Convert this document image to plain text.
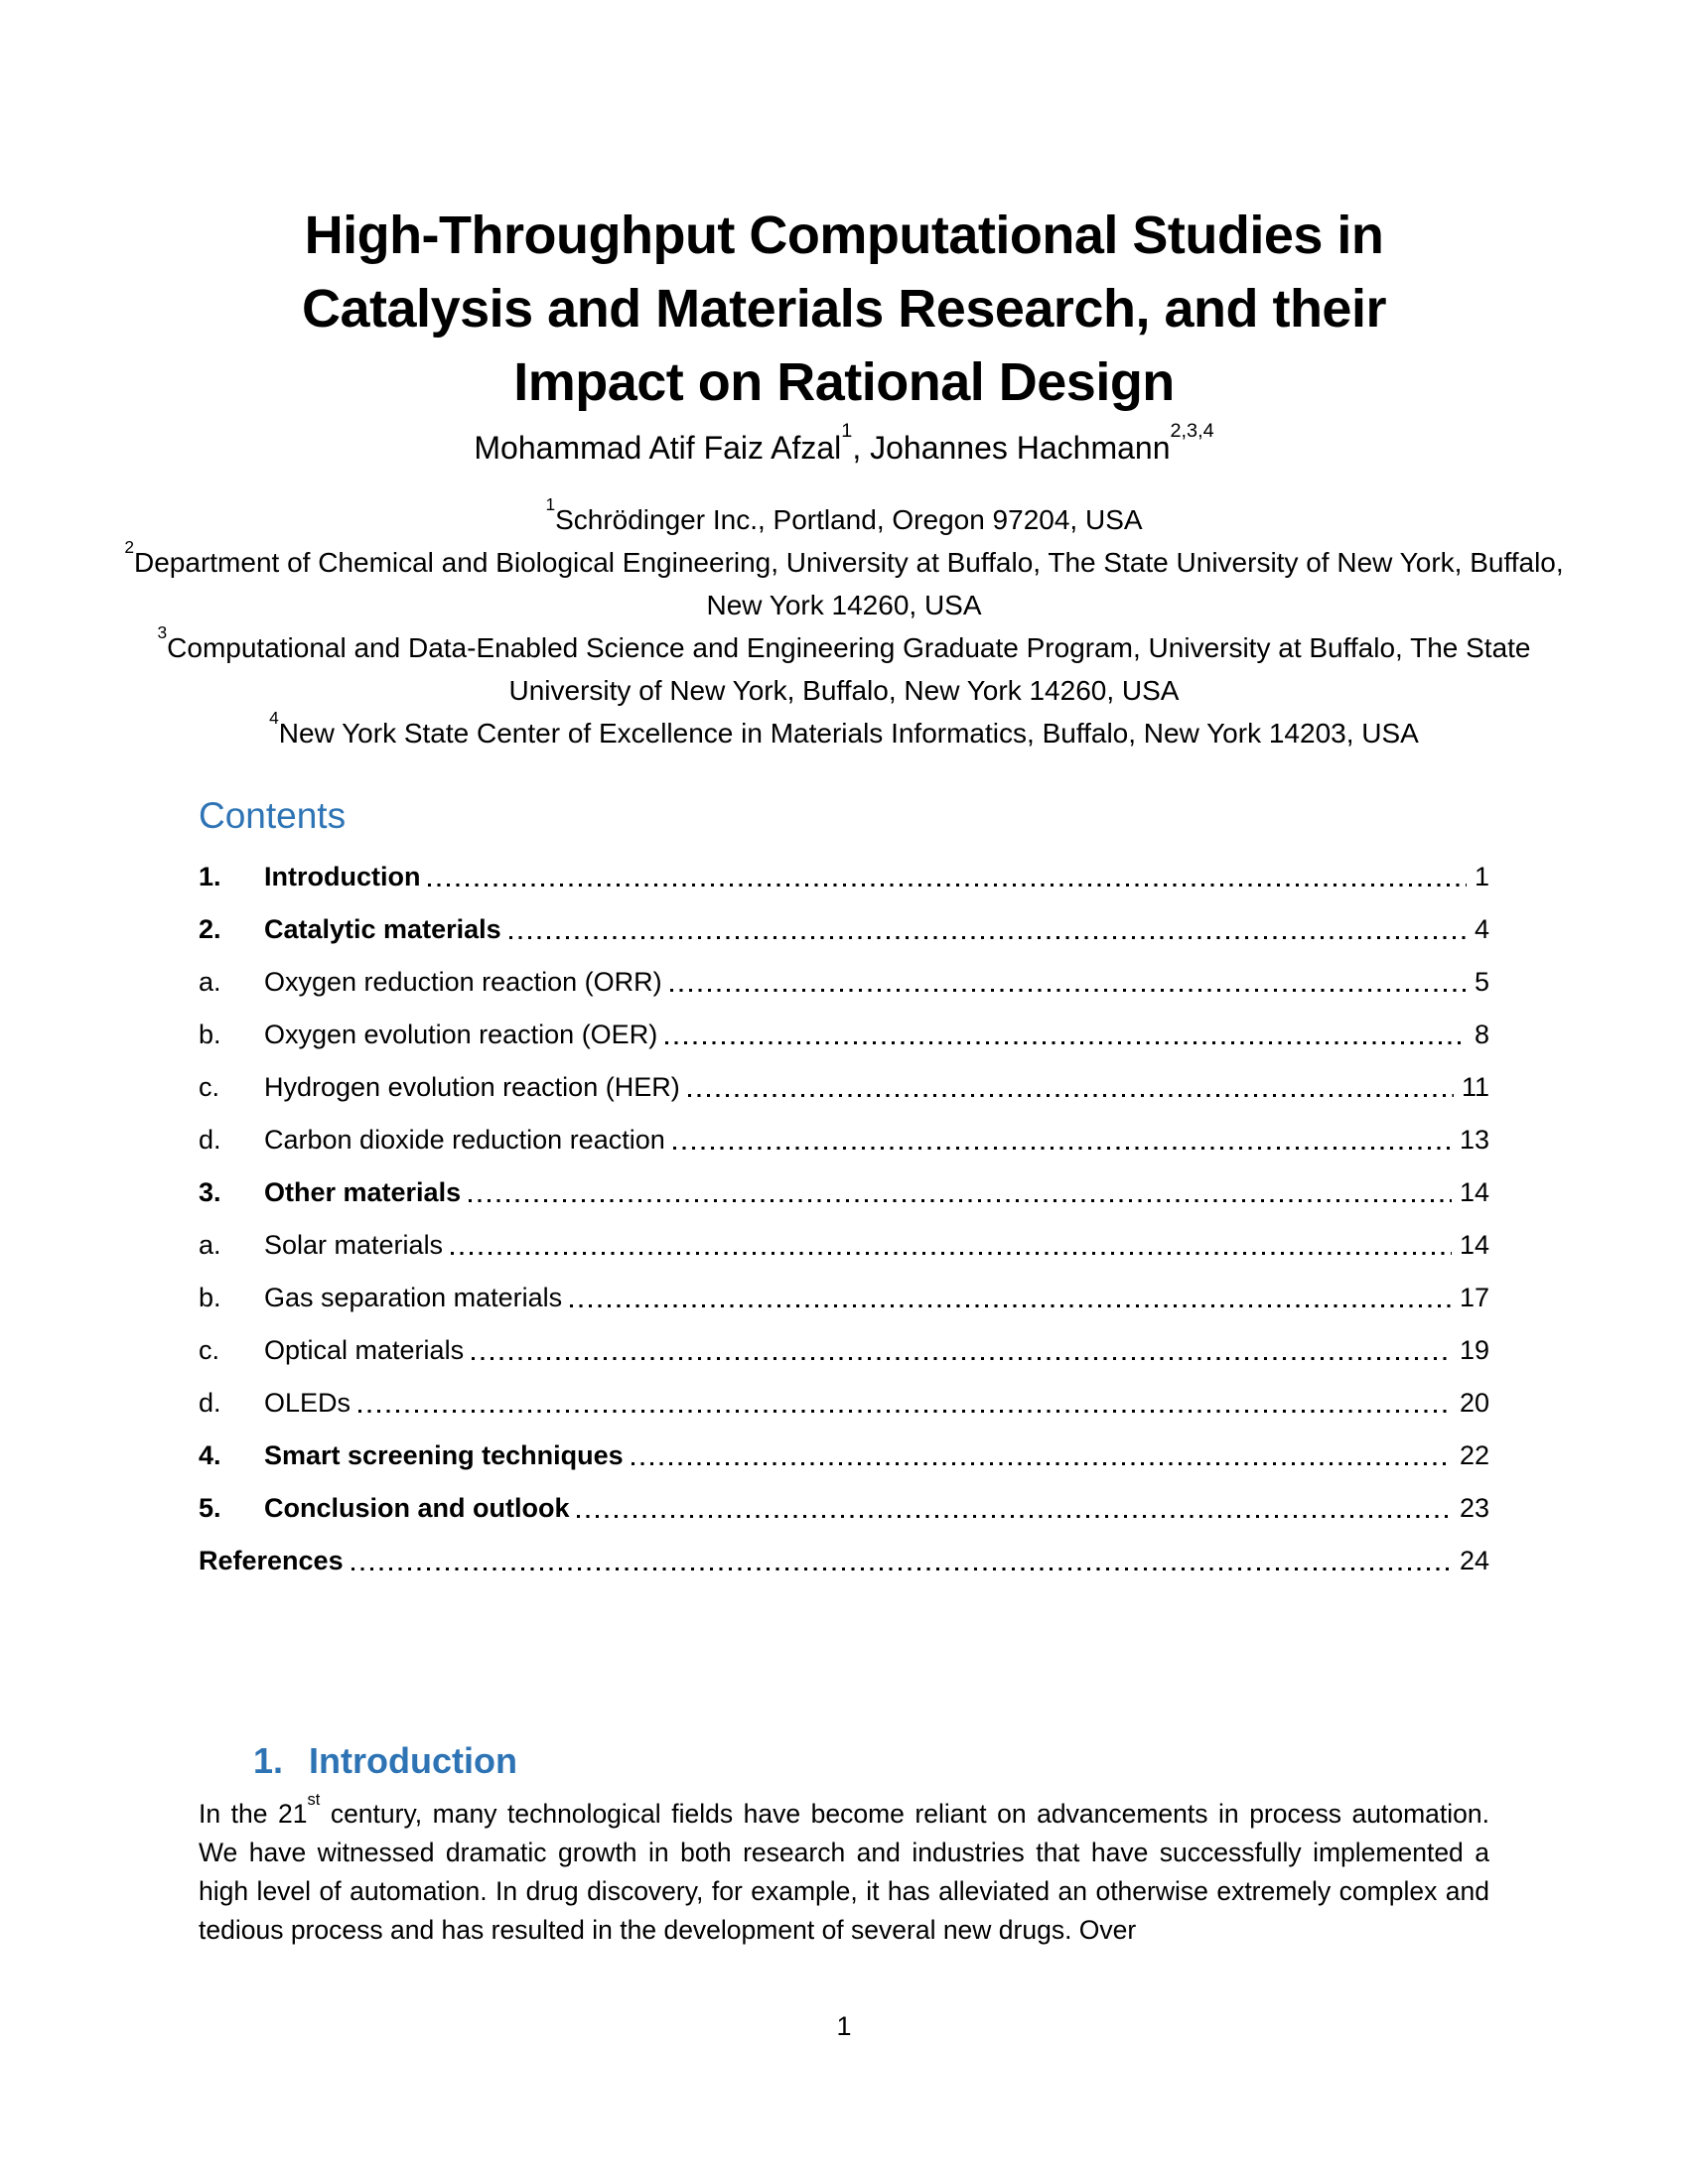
High-Throughput Computational Studies in
Catalysis and Materials Research, and their
Impact on Rational Design
Mohammad Atif Faiz Afzal$^1$, Johannes Hachmann$^{2,3,4}$
$^1$Schrödinger Inc., Portland, Oregon 97204, USA
$^2$Department of Chemical and Biological Engineering, University at Buffalo, The State University of New York, Buffalo, New York 14260, USA
$^3$Computational and Data-Enabled Science and Engineering Graduate Program, University at Buffalo, The State University of New York, Buffalo, New York 14260, USA
$^4$New York State Center of Excellence in Materials Informatics, Buffalo, New York 14203, USA
Contents
1.	Introduction	1
2.	Catalytic materials	4
a.	Oxygen reduction reaction (ORR)	5
b.	Oxygen evolution reaction (OER)	8
c.	Hydrogen evolution reaction (HER)	11
d.	Carbon dioxide reduction reaction	13
3.	Other materials	14
a.	Solar materials	14
b.	Gas separation materials	17
c.	Optical materials	19
d.	OLEDs	20
4.	Smart screening techniques	22
5.	Conclusion and outlook	23
References	24
1. Introduction
In the 21st century, many technological fields have become reliant on advancements in process automation. We have witnessed dramatic growth in both research and industries that have successfully implemented a high level of automation. In drug discovery, for example, it has alleviated an otherwise extremely complex and tedious process and has resulted in the development of several new drugs. Over
1
